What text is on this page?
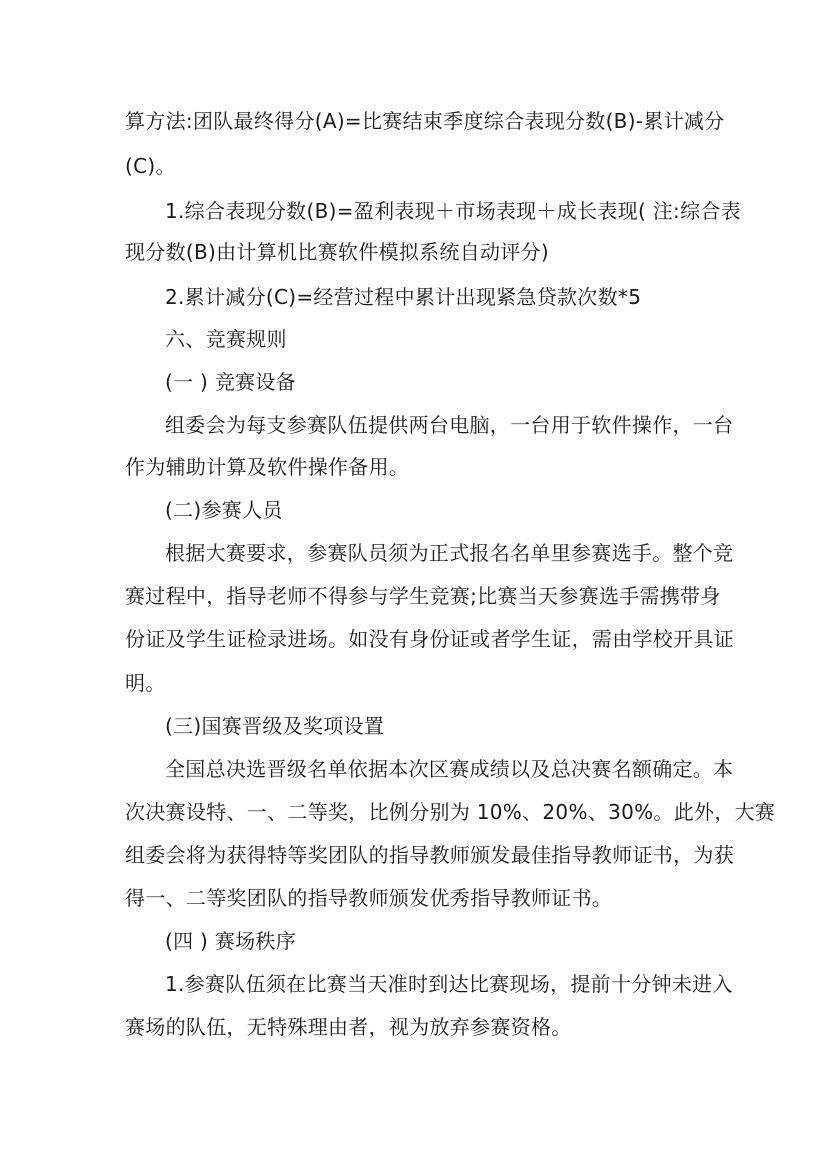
算方法:团队最终得分(A)=比赛结束季度综合表现分数(B)-累计减分
(C)。
1.综合表现分数(B)=盈利表现＋市场表现＋成长表现( 注:综合表
现分数(B)由计算机比赛软件模拟系统自动评分)
2.累计减分(C)=经营过程中累计出现紧急贷款次数*5
六、竞赛规则
(一 ) 竞赛设备
组委会为每支参赛队伍提供两台电脑，一台用于软件操作，一台
作为辅助计算及软件操作备用。
(二)参赛人员
根据大赛要求，参赛队员须为正式报名名单里参赛选手。整个竞
赛过程中，指导老师不得参与学生竞赛;比赛当天参赛选手需携带身
份证及学生证检录进场。如没有身份证或者学生证，需由学校开具证
明。
(三)国赛晋级及奖项设置
全国总决选晋级名单依据本次区赛成绩以及总决赛名额确定。本
次决赛设特、一、二等奖，比例分别为 10%、20%、30%。此外，大赛
组委会将为获得特等奖团队的指导教师颁发最佳指导教师证书，为获
得一、二等奖团队的指导教师颁发优秀指导教师证书。
(四 ) 赛场秩序
1.参赛队伍须在比赛当天准时到达比赛现场，提前十分钟未进入
赛场的队伍，无特殊理由者，视为放弃参赛资格。
